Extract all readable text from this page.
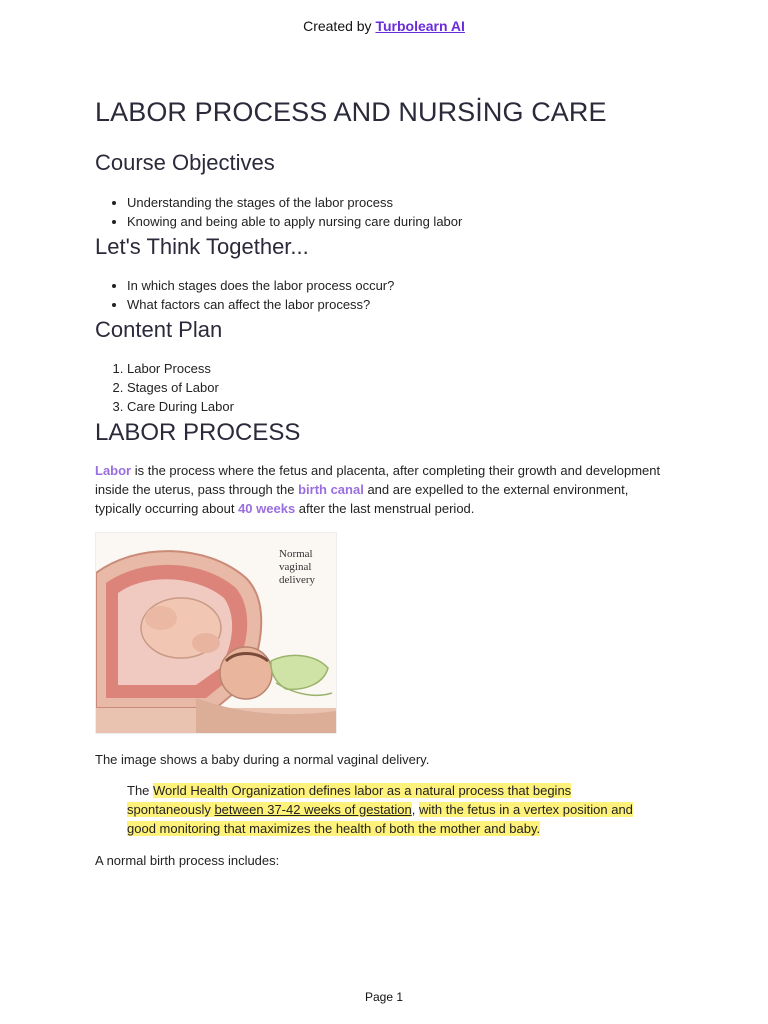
Created by Turbolearn AI
LABOR PROCESS AND NURSİNG CARE
Course Objectives
• Understanding the stages of the labor process
• Knowing and being able to apply nursing care during labor
Let's Think Together...
• In which stages does the labor process occur?
• What factors can affect the labor process?
Content Plan
1. Labor Process
2. Stages of Labor
3. Care During Labor
LABOR PROCESS

Labor is the process where the fetus and placenta, after completing their growth and development inside the uterus, pass through the birth canal and are expelled to the external environment, typically occurring about 40 weeks after the last menstrual period.

Normal
vaginal
delivery

The image shows a baby during a normal vaginal delivery.

The World Health Organization defines labor as a natural process that begins spontaneously between 37-42 weeks of gestation, with the fetus in a vertex position and good monitoring that maximizes the health of both the mother and baby.

A normal birth process includes:

Page 1
